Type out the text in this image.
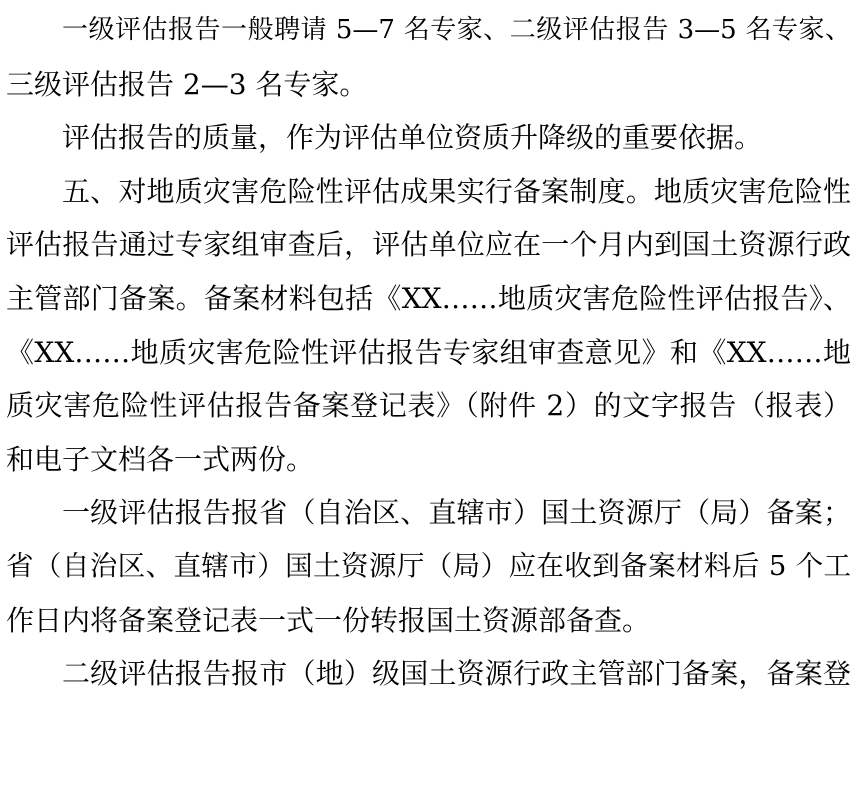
一级评估报告一般聘请 5—7 名专家、二级评估报告 3—5 名专家、
三级评估报告 2—3 名专家。
评估报告的质量，作为评估单位资质升降级的重要依据。
五、对地质灾害危险性评估成果实行备案制度。地质灾害危险性
评估报告通过专家组审查后，评估单位应在一个月内到国土资源行政
主管部门备案。备案材料包括《XX……地质灾害危险性评估报告》、
《XX……地质灾害危险性评估报告专家组审查意见》和《XX……地
质灾害危险性评估报告备案登记表》（附件 2）的文字报告（报表）
和电子文档各一式两份。
一级评估报告报省（自治区、直辖市）国土资源厅（局）备案；
省（自治区、直辖市）国土资源厅（局）应在收到备案材料后 5 个工
作日内将备案登记表一式一份转报国土资源部备查。
二级评估报告报市（地）级国土资源行政主管部门备案，备案登
